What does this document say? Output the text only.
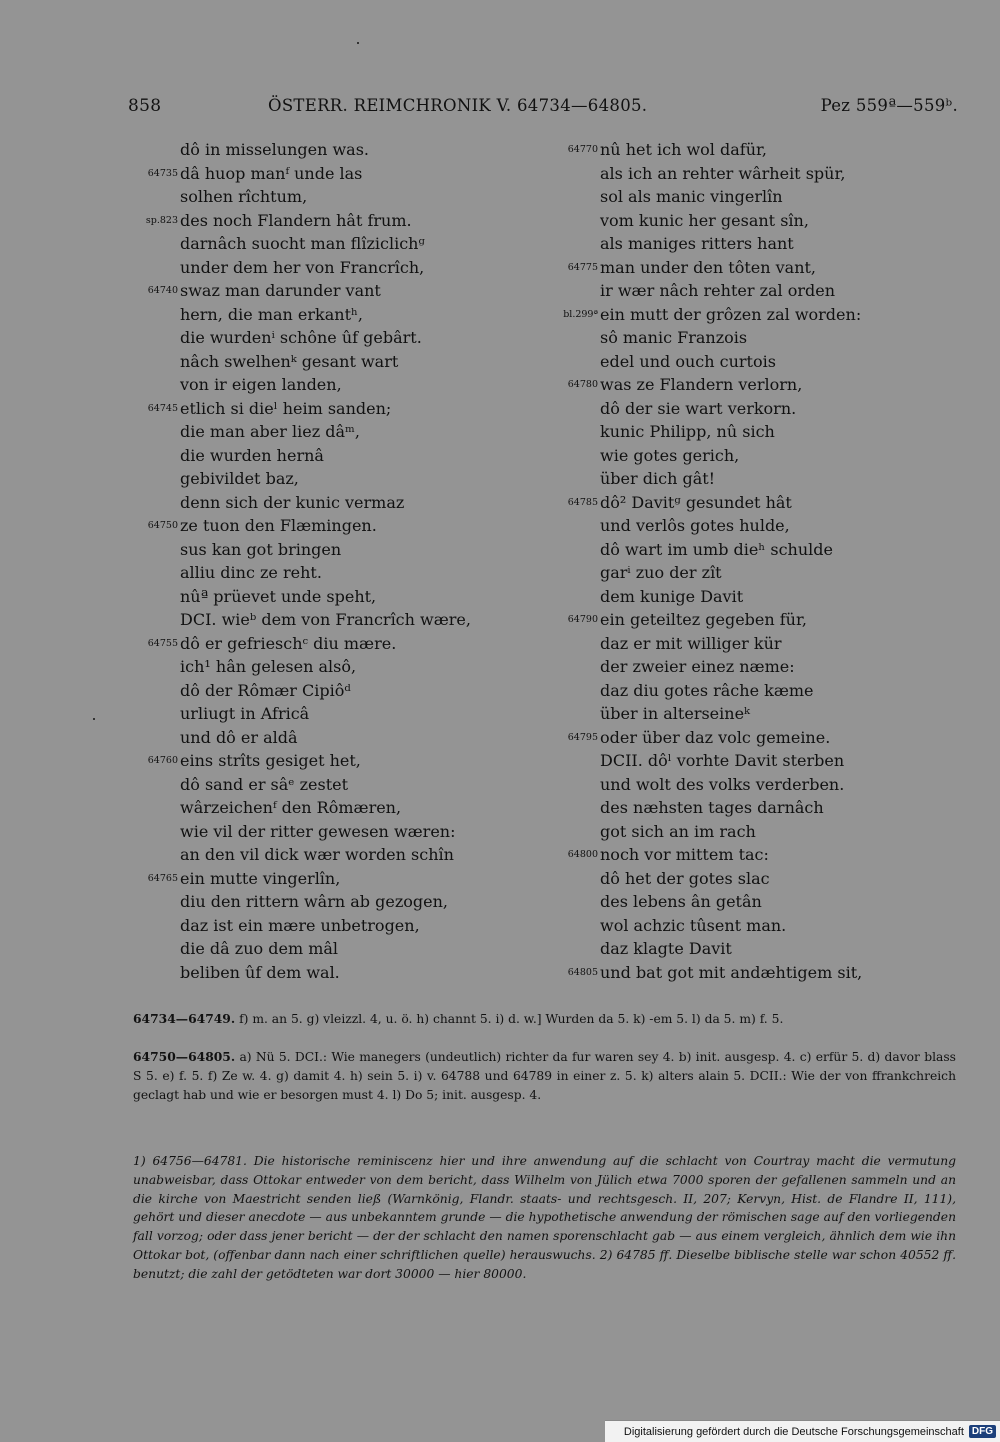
858	ÖSTERR. REIMCHRONIK V. 64734—64805.	Pez 559ª—559ᵇ.
dô in misselungen was.
64735 dâ huop manᶠ unde las
solhen rîchtum,
sp.823 des noch Flandern hât frum.
darnâch suocht man flîziclichᵍ
under dem her von Francrîch,
64740 swaz man darunder vant
hern, die man erkantʰ,
die wurdenⁱ schône ûf gebârt.
nâch swelhenᵏ gesant wart
von ir eigen landen,
64745 etlich si dieˡ heim sanden;
die man aber liez dâᵐ,
die wurden hernâ
gebivildet baz,
denn sich der kunic vermaz
64750 ze tuon den Flæmingen.
sus kan got bringen
alliu dinc ze reht.
nûª prüevet unde speht,
DCI. wieᵇ dem von Francrîch wære,
64755 dô er gefrieschᶜ diu mære.
ich¹ hân gelesen alsô,
dô der Rômær Cipiôᵈ
urliugt in Africâ
und dô er aldâ
64760 eins strîts gesiget het,
dô sand er sâᵉ zestet
wârzeichenᶠ den Rômæren,
wie vil der ritter gewesen wæren:
an den vil dick wær worden schîn
64765 ein mutte vingerlîn,
diu den rittern wârn ab gezogen,
daz ist ein mære unbetrogen,
die dâ zuo dem mâl
beliben ûf dem wal.
64770 nû het ich wol dafür,
als ich an rehter wârheit spür,
sol als manic vingerlîn
vom kunic her gesant sîn,
als maniges ritters hant
64775 man under den tôten vant,
ir wær nâch rehter zal orden
bl.299ª ein mutt der grôzen zal worden:
sô manic Franzois
edel und ouch curtois
64780 was ze Flandern verlorn,
dô der sie wart verkorn.
kunic Philipp, nû sich
wie gotes gerich,
über dich gât!
64785 dô² Davitᵍ gesundet hât
und verlôs gotes hulde,
dô wart im umb dieʰ schulde
garⁱ zuo der zît
dem kunige Davit
64790 ein geteiltez gegeben für,
daz er mit williger kür
der zweier einez næme:
daz diu gotes râche kæme
über in alterseineᵏ
64795 oder über daz volc gemeine.
DCII. dôˡ vorhte Davit sterben
und wolt des volks verderben.
des næhsten tages darnâch
got sich an im rach
64800 noch vor mittem tac:
dô het der gotes slac
des lebens ân getân
wol achzic tûsent man.
daz klagte Davit
64805 und bat got mit andæhtigem sit,

64734—64749. f) m. an 5. g) vleizzl. 4, u. ö. h) channt 5. i) d. w.] Wurden da 5. k) -em 5. l) da 5. m) f. 5.

64750—64805. a) Nü 5. DCI.: Wie manegers (undeutlich) richter da fur waren sey 4. b) init. ausgesp. 4. c) erfür 5. d) davor blass S 5. e) f. 5. f) Ze w. 4. g) damit 4. h) sein 5. i) v. 64788 und 64789 in einer z. 5. k) alters alain 5. DCII.: Wie der von ffrankchreich geclagt hab und wie er besorgen must 4. l) Do 5; init. ausgesp. 4.

1) 64756—64781. Die historische reminiscenz hier und ihre anwendung auf die schlacht von Courtray macht die vermutung unabweisbar, dass Ottokar entweder von dem bericht, dass Wilhelm von Jülich etwa 7000 sporen der gefallenen sammeln und an die kirche von Maestricht senden ließ (Warnkönig, Flandr. staats- und rechtsgesch. II, 207; Kervyn, Hist. de Flandre II, 111), gehört und dieser anecdote — aus unbekanntem grunde — die hypothetische anwendung der römischen sage auf den vorliegenden fall vorzog; oder dass jener bericht — der der schlacht den namen sporenschlacht gab — aus einem vergleich, ähnlich dem wie ihn Ottokar bot, (offenbar dann nach einer schriftlichen quelle) herauswuchs. 2) 64785 ff. Dieselbe biblische stelle war schon 40552 ff. benutzt; die zahl der getödteten war dort 30000 — hier 80000.

Digitalisierung gefördert durch die Deutsche Forschungsgemeinschaft DFG
